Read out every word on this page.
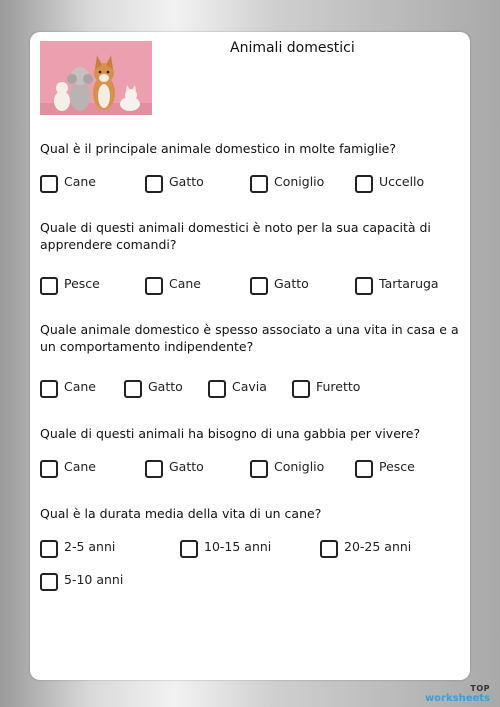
Animali domestici
Qual è il principale animale domestico in molte famiglie?
Cane	Gatto	Coniglio	Uccello
Quale di questi animali domestici è noto per la sua capacità di apprendere comandi?
Pesce	Cane	Gatto	Tartaruga
Quale animale domestico è spesso associato a una vita in casa e a un comportamento indipendente?
Cane	Gatto	Cavia	Furetto
Quale di questi animali ha bisogno di una gabbia per vivere?
Cane	Gatto	Coniglio	Pesce
Qual è la durata media della vita di un cane?
2-5 anni	10-15 anni	20-25 anni
5-10 anni
TOP
worksheets
